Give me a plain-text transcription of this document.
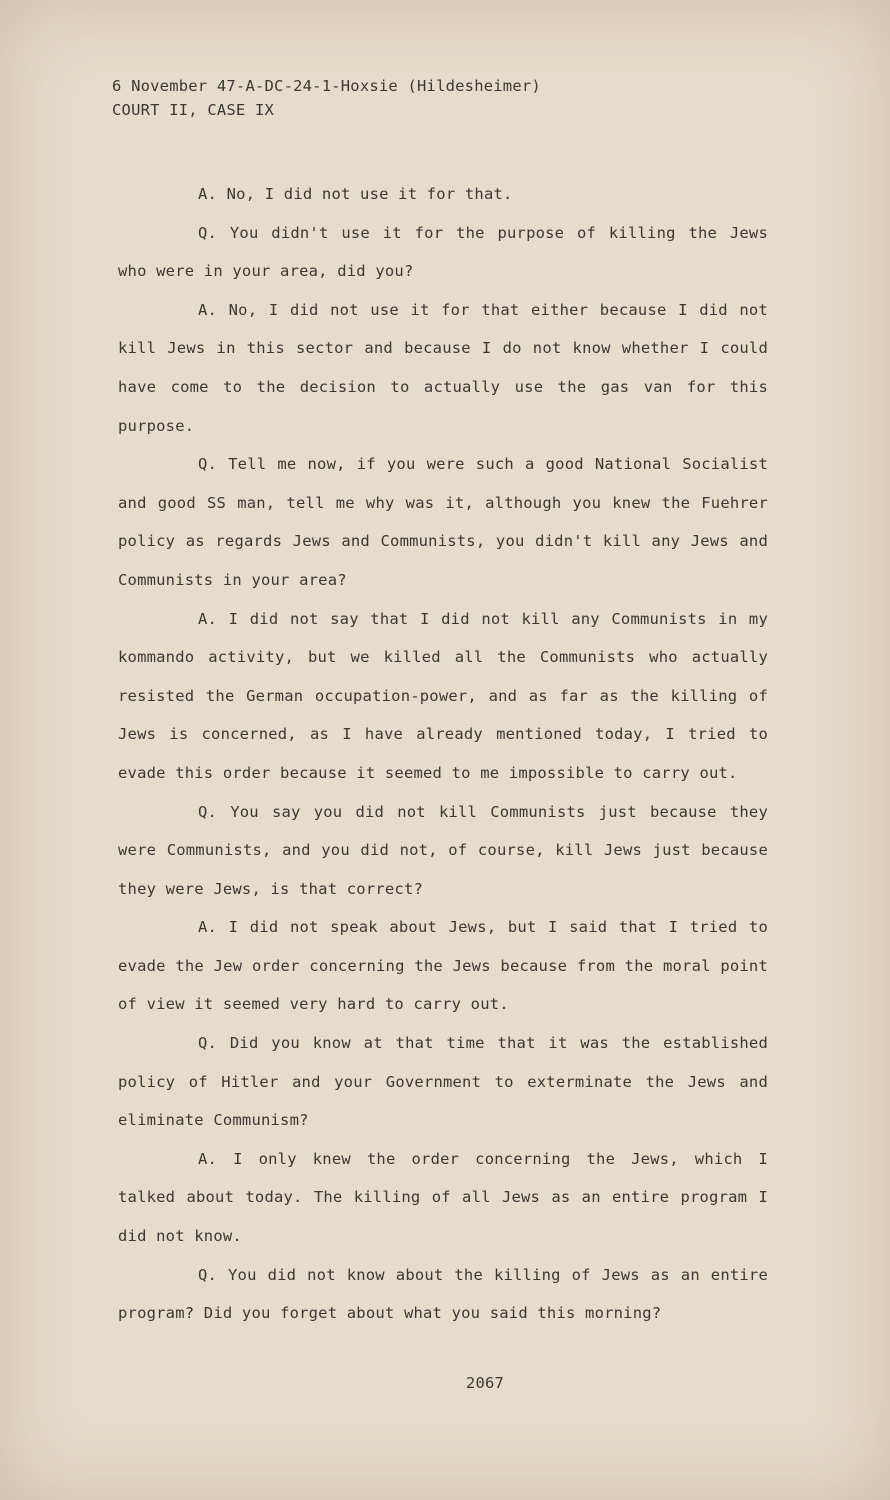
6 November 47-A-DC-24-1-Hoxsie (Hildesheimer)
COURT II, CASE IX

A. No, I did not use it for that.

Q. You didn't use it for the purpose of killing the Jews who were in your area, did you?

A. No, I did not use it for that either because I did not kill Jews in this sector and because I do not know whether I could have come to the decision to actually use the gas van for this purpose.

Q. Tell me now, if you were such a good National Socialist and good SS man, tell me why was it, although you knew the Fuehrer policy as regards Jews and Communists, you didn't kill any Jews and Communists in your area?

A. I did not say that I did not kill any Communists in my kommando activity, but we killed all the Communists who actually resisted the German occupation-power, and as far as the killing of Jews is concerned, as I have already mentioned today, I tried to evade this order because it seemed to me impossible to carry out.

Q. You say you did not kill Communists just because they were Communists, and you did not, of course, kill Jews just because they were Jews, is that correct?

A. I did not speak about Jews, but I said that I tried to evade the Jew order concerning the Jews because from the moral point of view it seemed very hard to carry out.

Q. Did you know at that time that it was the established policy of Hitler and your Government to exterminate the Jews and eliminate Communism?

A. I only knew the order concerning the Jews, which I talked about today. The killing of all Jews as an entire program I did not know.

Q. You did not know about the killing of Jews as an entire program? Did you forget about what you said this morning?

2067
